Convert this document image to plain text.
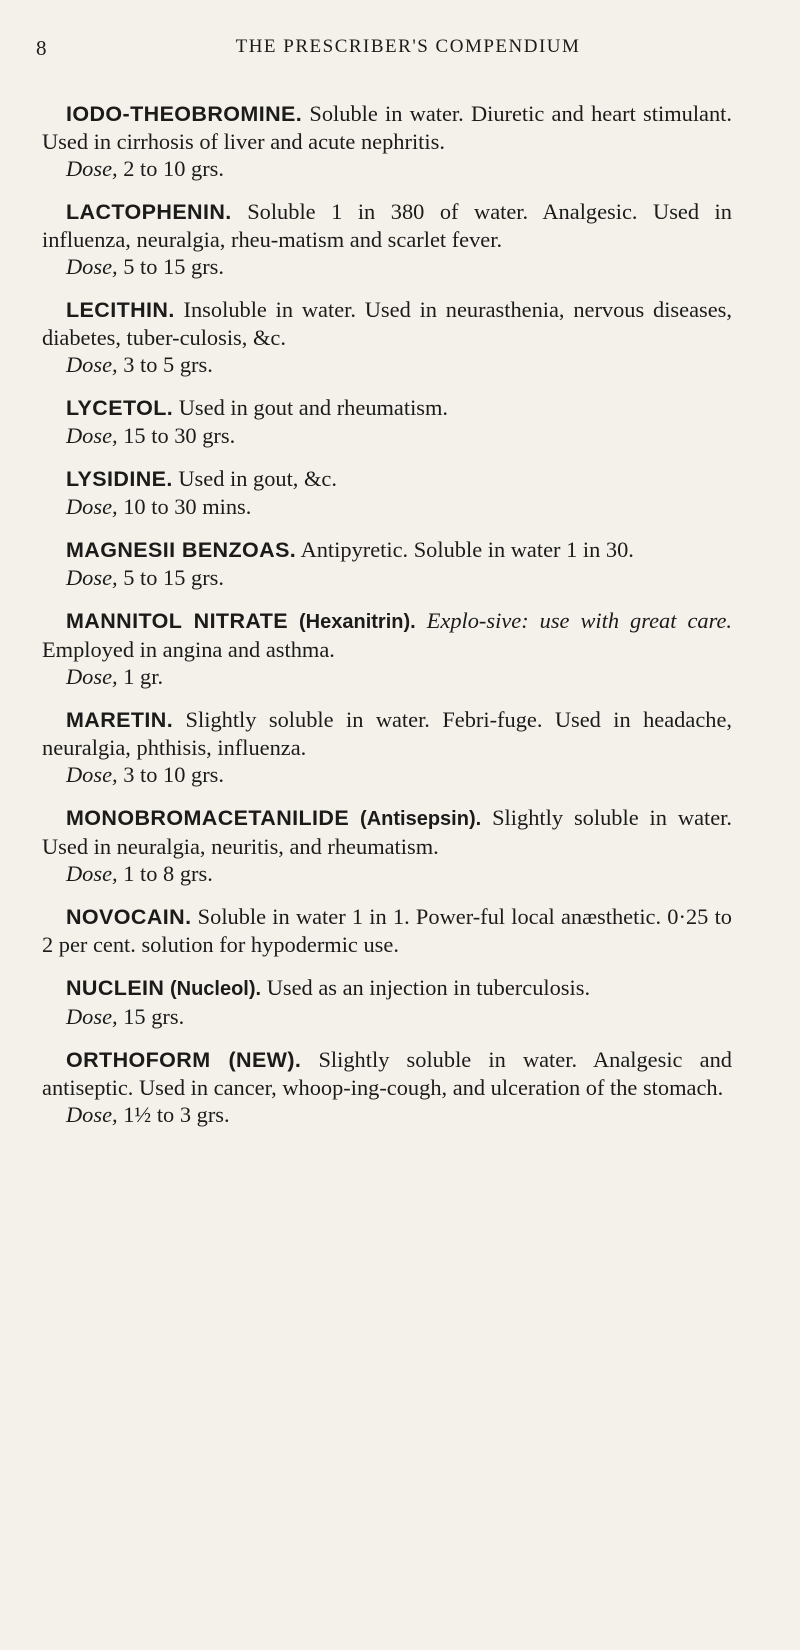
8	THE PRESCRIBER'S COMPENDIUM

IODO-THEOBROMINE. Soluble in water. Diuretic and heart stimulant. Used in cirrhosis of liver and acute nephritis.

Dose, 2 to 10 grs.

LACTOPHENIN. Soluble 1 in 380 of water. Analgesic. Used in influenza, neuralgia, rheu-matism and scarlet fever.

Dose, 5 to 15 grs.

LECITHIN. Insoluble in water. Used in neurasthenia, nervous diseases, diabetes, tuber-culosis, &c.

Dose, 3 to 5 grs.

LYCETOL. Used in gout and rheumatism.

Dose, 15 to 30 grs.

LYSIDINE. Used in gout, &c.

Dose, 10 to 30 mins.

MAGNESII BENZOAS. Antipyretic. Soluble in water 1 in 30.

Dose, 5 to 15 grs.

MANNITOL NITRATE (Hexanitrin). Explo-sive: use with great care. Employed in angina and asthma.

Dose, 1 gr.

MARETIN. Slightly soluble in water. Febri-fuge. Used in headache, neuralgia, phthisis, influenza.

Dose, 3 to 10 grs.

MONOBROMACETANILIDE (Antisepsin). Slightly soluble in water. Used in neuralgia, neuritis, and rheumatism.

Dose, 1 to 8 grs.

NOVOCAIN. Soluble in water 1 in 1. Power-ful local anæsthetic. 0·25 to 2 per cent. solution for hypodermic use.

NUCLEIN (Nucleol). Used as an injection in tuberculosis.

Dose, 15 grs.

ORTHOFORM (NEW). Slightly soluble in water. Analgesic and antiseptic. Used in cancer, whoop-ing-cough, and ulceration of the stomach.

Dose, 1½ to 3 grs.
